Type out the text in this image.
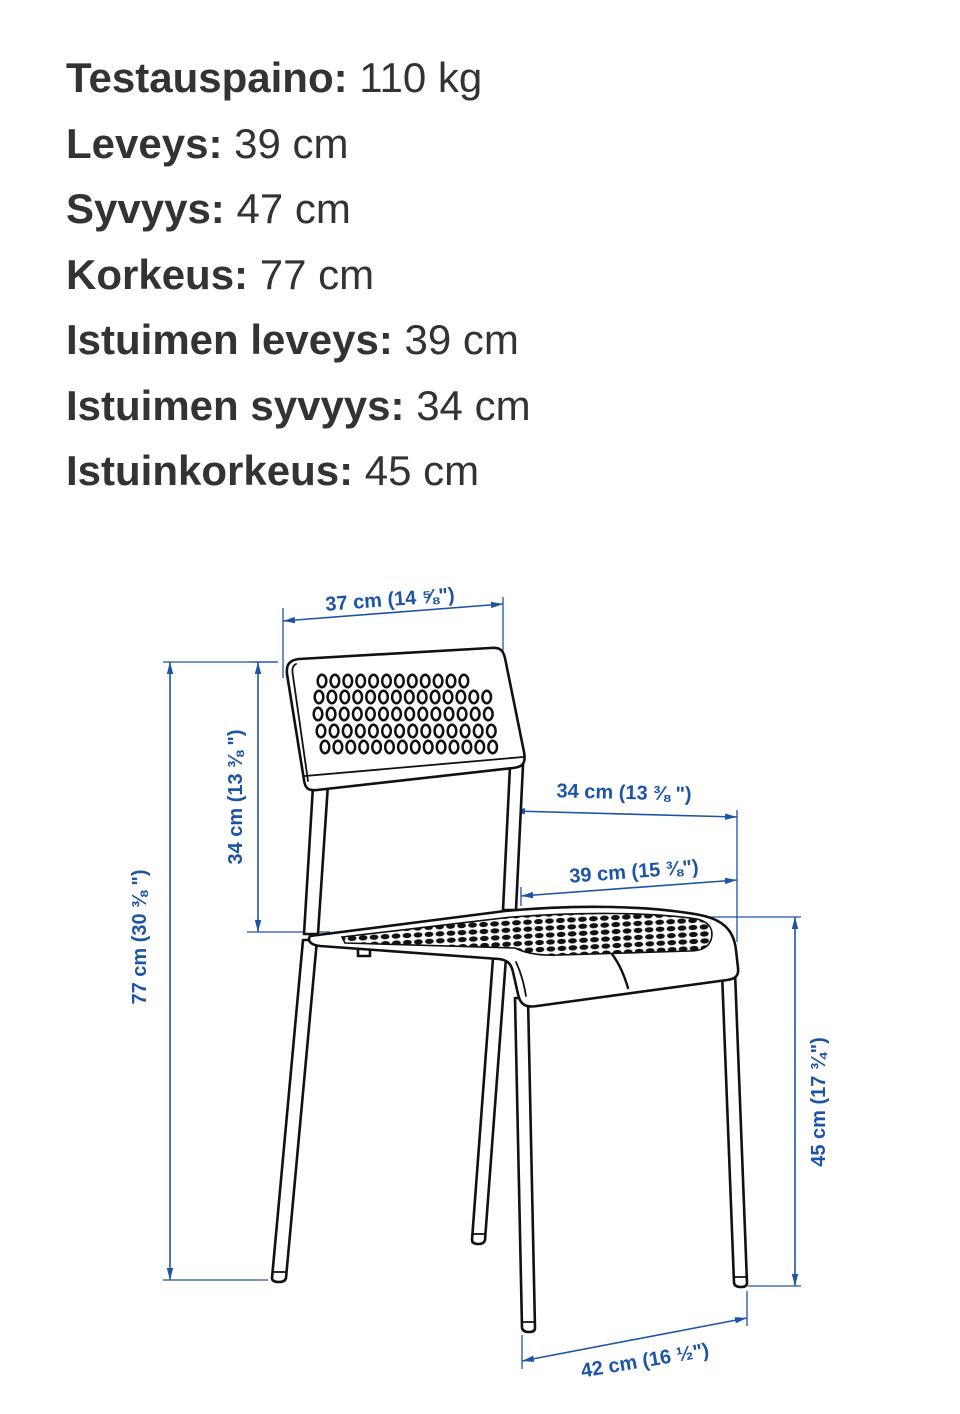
Testauspaino: 110 kg
Leveys: 39 cm
Syvyys: 47 cm
Korkeus: 77 cm
Istuimen leveys: 39 cm
Istuimen syvyys: 34 cm
Istuinkorkeus: 45 cm
37 cm (14 ⅝")
34 cm (13 ⅜ ")
77 cm (30 ⅜ ")
34 cm (13 ⅜ ")
39 cm (15 ⅜")
45 cm (17 ¾")
42 cm (16 ½")
